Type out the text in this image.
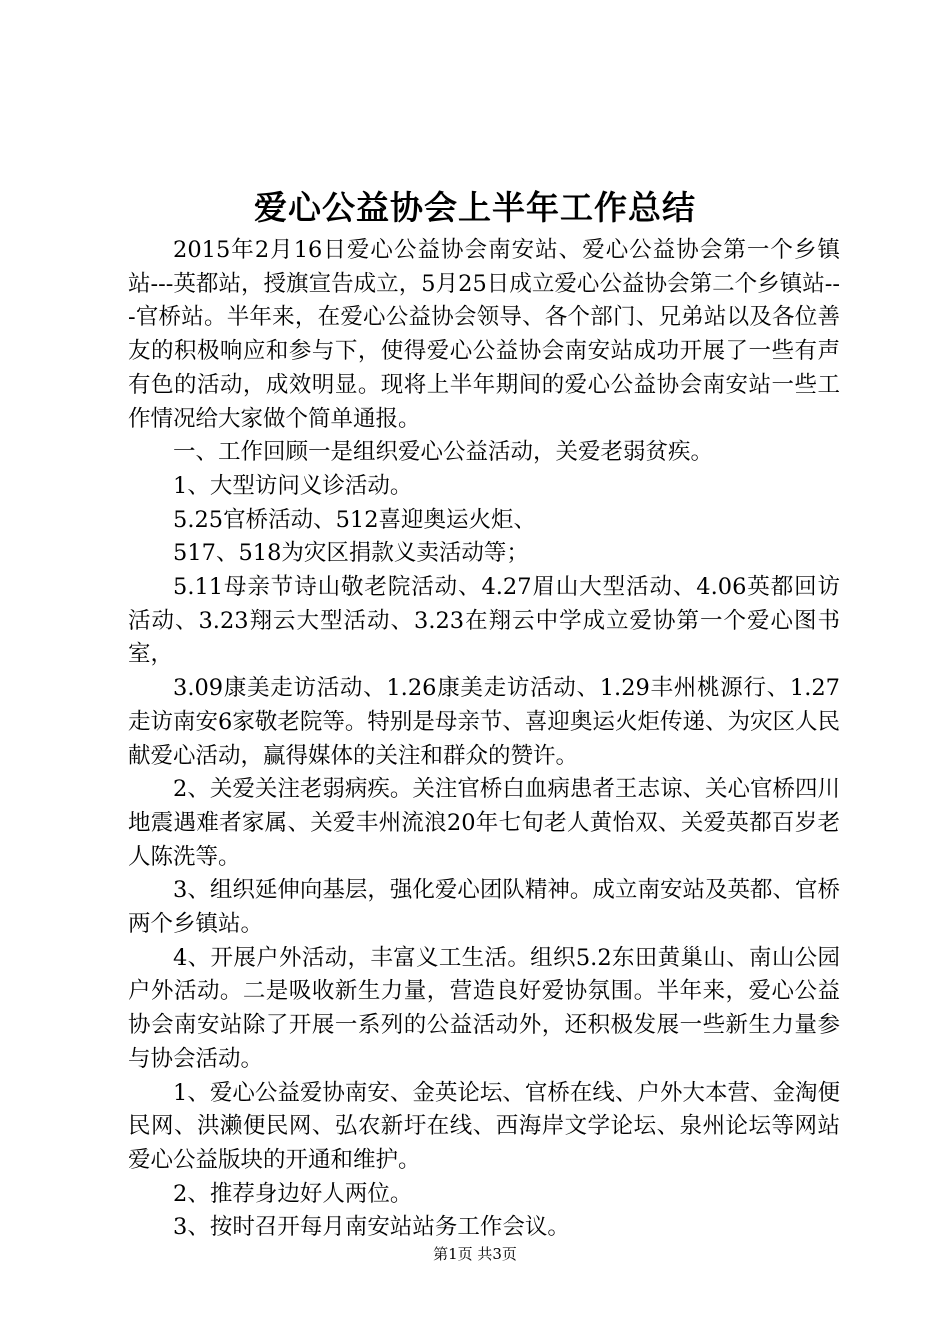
爱心公益协会上半年工作总结

2015年2月16日爱心公益协会南安站、爱心公益协会第一个乡镇站---英都站，授旗宣告成立，5月25日成立爱心公益协会第二个乡镇站---官桥站。半年来，在爱心公益协会领导、各个部门、兄弟站以及各位善友的积极响应和参与下，使得爱心公益协会南安站成功开展了一些有声有色的活动，成效明显。现将上半年期间的爱心公益协会南安站一些工作情况给大家做个简单通报。

一、工作回顾一是组织爱心公益活动，关爱老弱贫疾。

1、大型访问义诊活动。

5.25官桥活动、512喜迎奥运火炬、

517、518为灾区捐款义卖活动等；

5.11母亲节诗山敬老院活动、4.27眉山大型活动、4.06英都回访活动、3.23翔云大型活动、3.23在翔云中学成立爱协第一个爱心图书室，

3.09康美走访活动、1.26康美走访活动、1.29丰州桃源行、1.27走访南安6家敬老院等。特别是母亲节、喜迎奥运火炬传递、为灾区人民献爱心活动，赢得媒体的关注和群众的赞许。

2、关爱关注老弱病疾。关注官桥白血病患者王志谅、关心官桥四川地震遇难者家属、关爱丰州流浪20年七旬老人黄怡双、关爱英都百岁老人陈洗等。

3、组织延伸向基层，强化爱心团队精神。成立南安站及英都、官桥两个乡镇站。

4、开展户外活动，丰富义工生活。组织5.2东田黄巢山、南山公园户外活动。二是吸收新生力量，营造良好爱协氛围。半年来，爱心公益协会南安站除了开展一系列的公益活动外，还积极发展一些新生力量参与协会活动。

1、爱心公益爱协南安、金英论坛、官桥在线、户外大本营、金淘便民网、洪濑便民网、弘农新圩在线、西海岸文学论坛、泉州论坛等网站爱心公益版块的开通和维护。

2、推荐身边好人两位。

3、按时召开每月南安站站务工作会议。

第1页 共3页
